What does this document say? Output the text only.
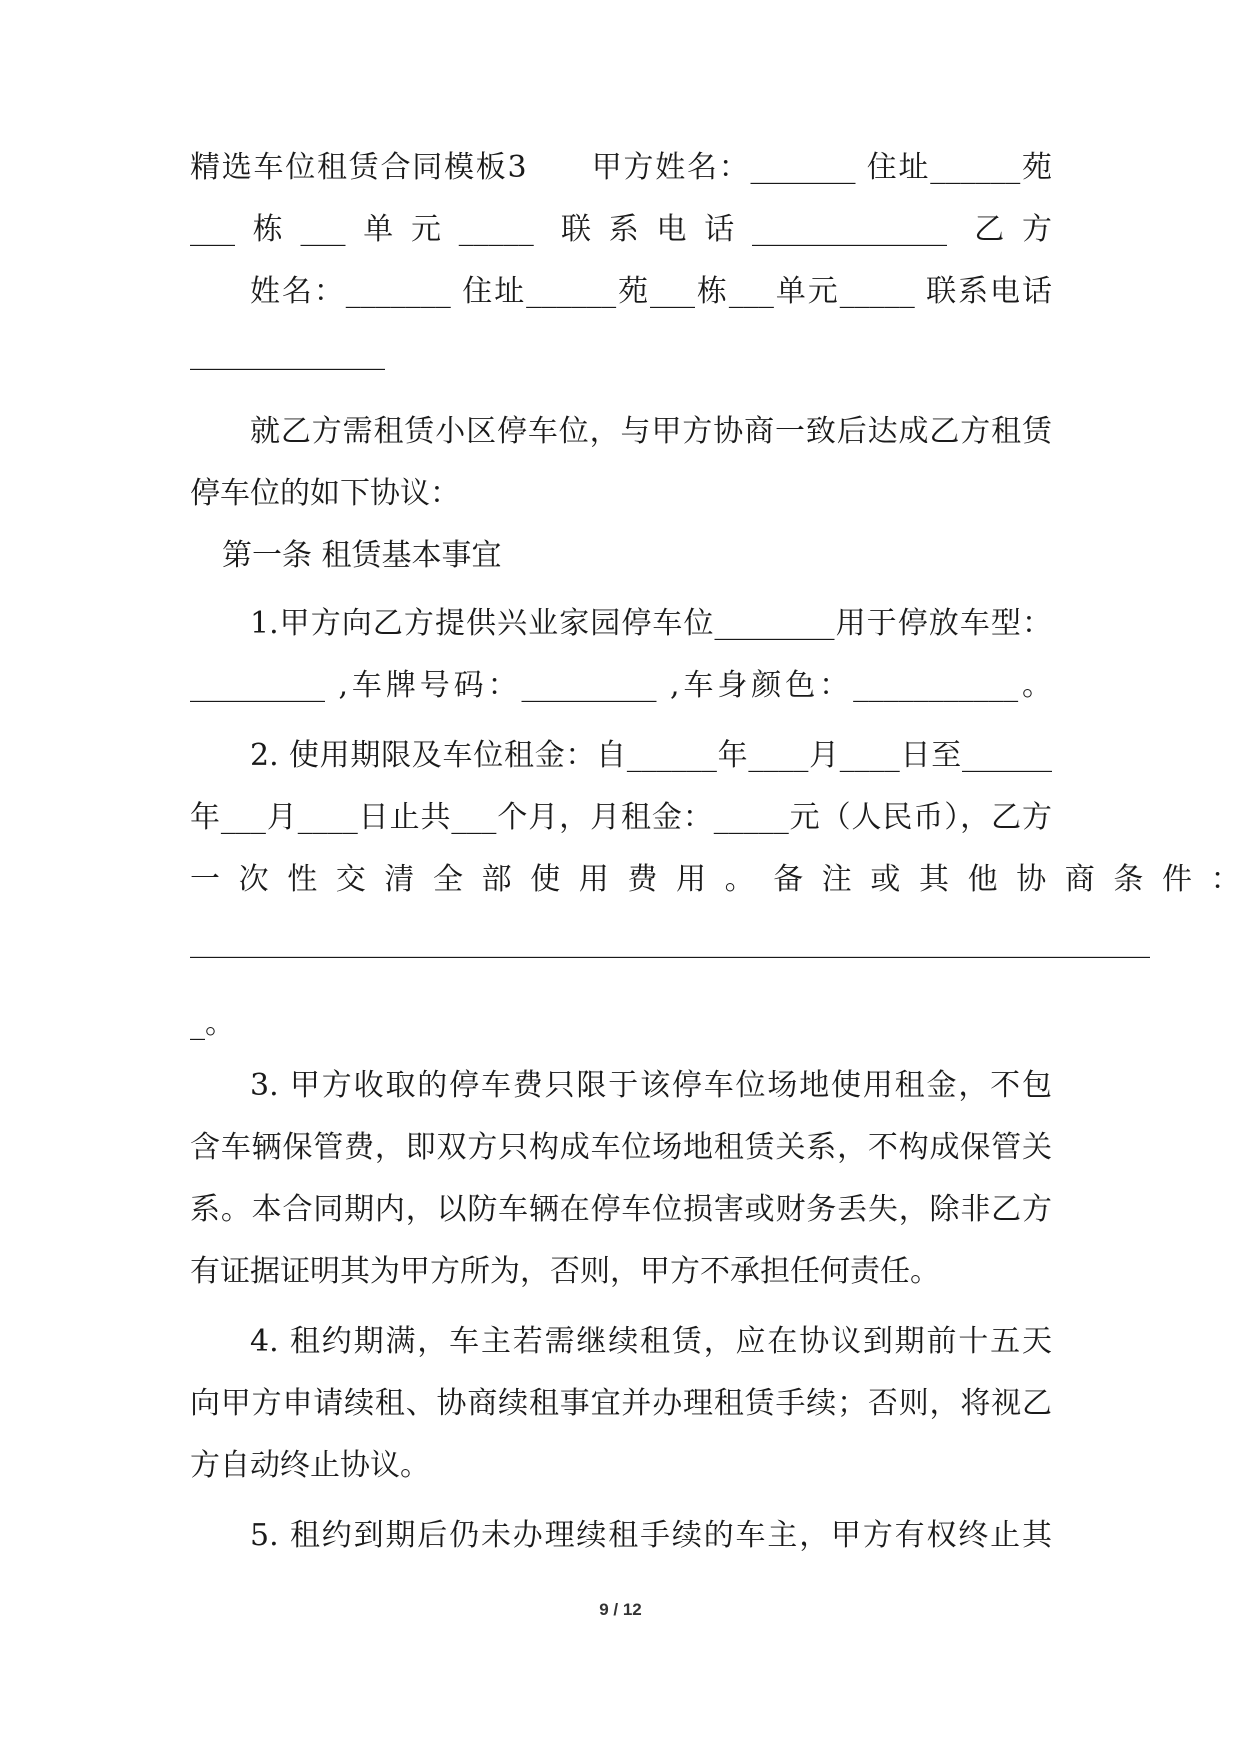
精选车位租赁合同模板3　　甲方姓名：_______ 住址______苑
___栋___单元_____ 联系电话_____________ 乙方
姓名：_______ 住址______苑___栋___单元_____ 联系电话
_____________
就乙方需租赁小区停车位，与甲方协商一致后达成乙方租赁
停车位的如下协议：
第一条 租赁基本事宜
1.甲方向乙方提供兴业家园停车位________用于停放车型：
_________ ,车牌号码：_________ ,车身颜色：___________。
2. 使用期限及车位租金：自______年____月____日至______
年___月____日止共___个月，月租金：_____元（人民币），乙方
一次性交清全部使用费用。备注或其他协商条件：
________________________________________________________________
_。
3. 甲方收取的停车费只限于该停车位场地使用租金，不包
含车辆保管费，即双方只构成车位场地租赁关系，不构成保管关
系。本合同期内，以防车辆在停车位损害或财务丢失，除非乙方
有证据证明其为甲方所为，否则，甲方不承担任何责任。
4. 租约期满，车主若需继续租赁，应在协议到期前十五天
向甲方申请续租、协商续租事宜并办理租赁手续；否则，将视乙
方自动终止协议。
5. 租约到期后仍未办理续租手续的车主，甲方有权终止其
9 / 12
